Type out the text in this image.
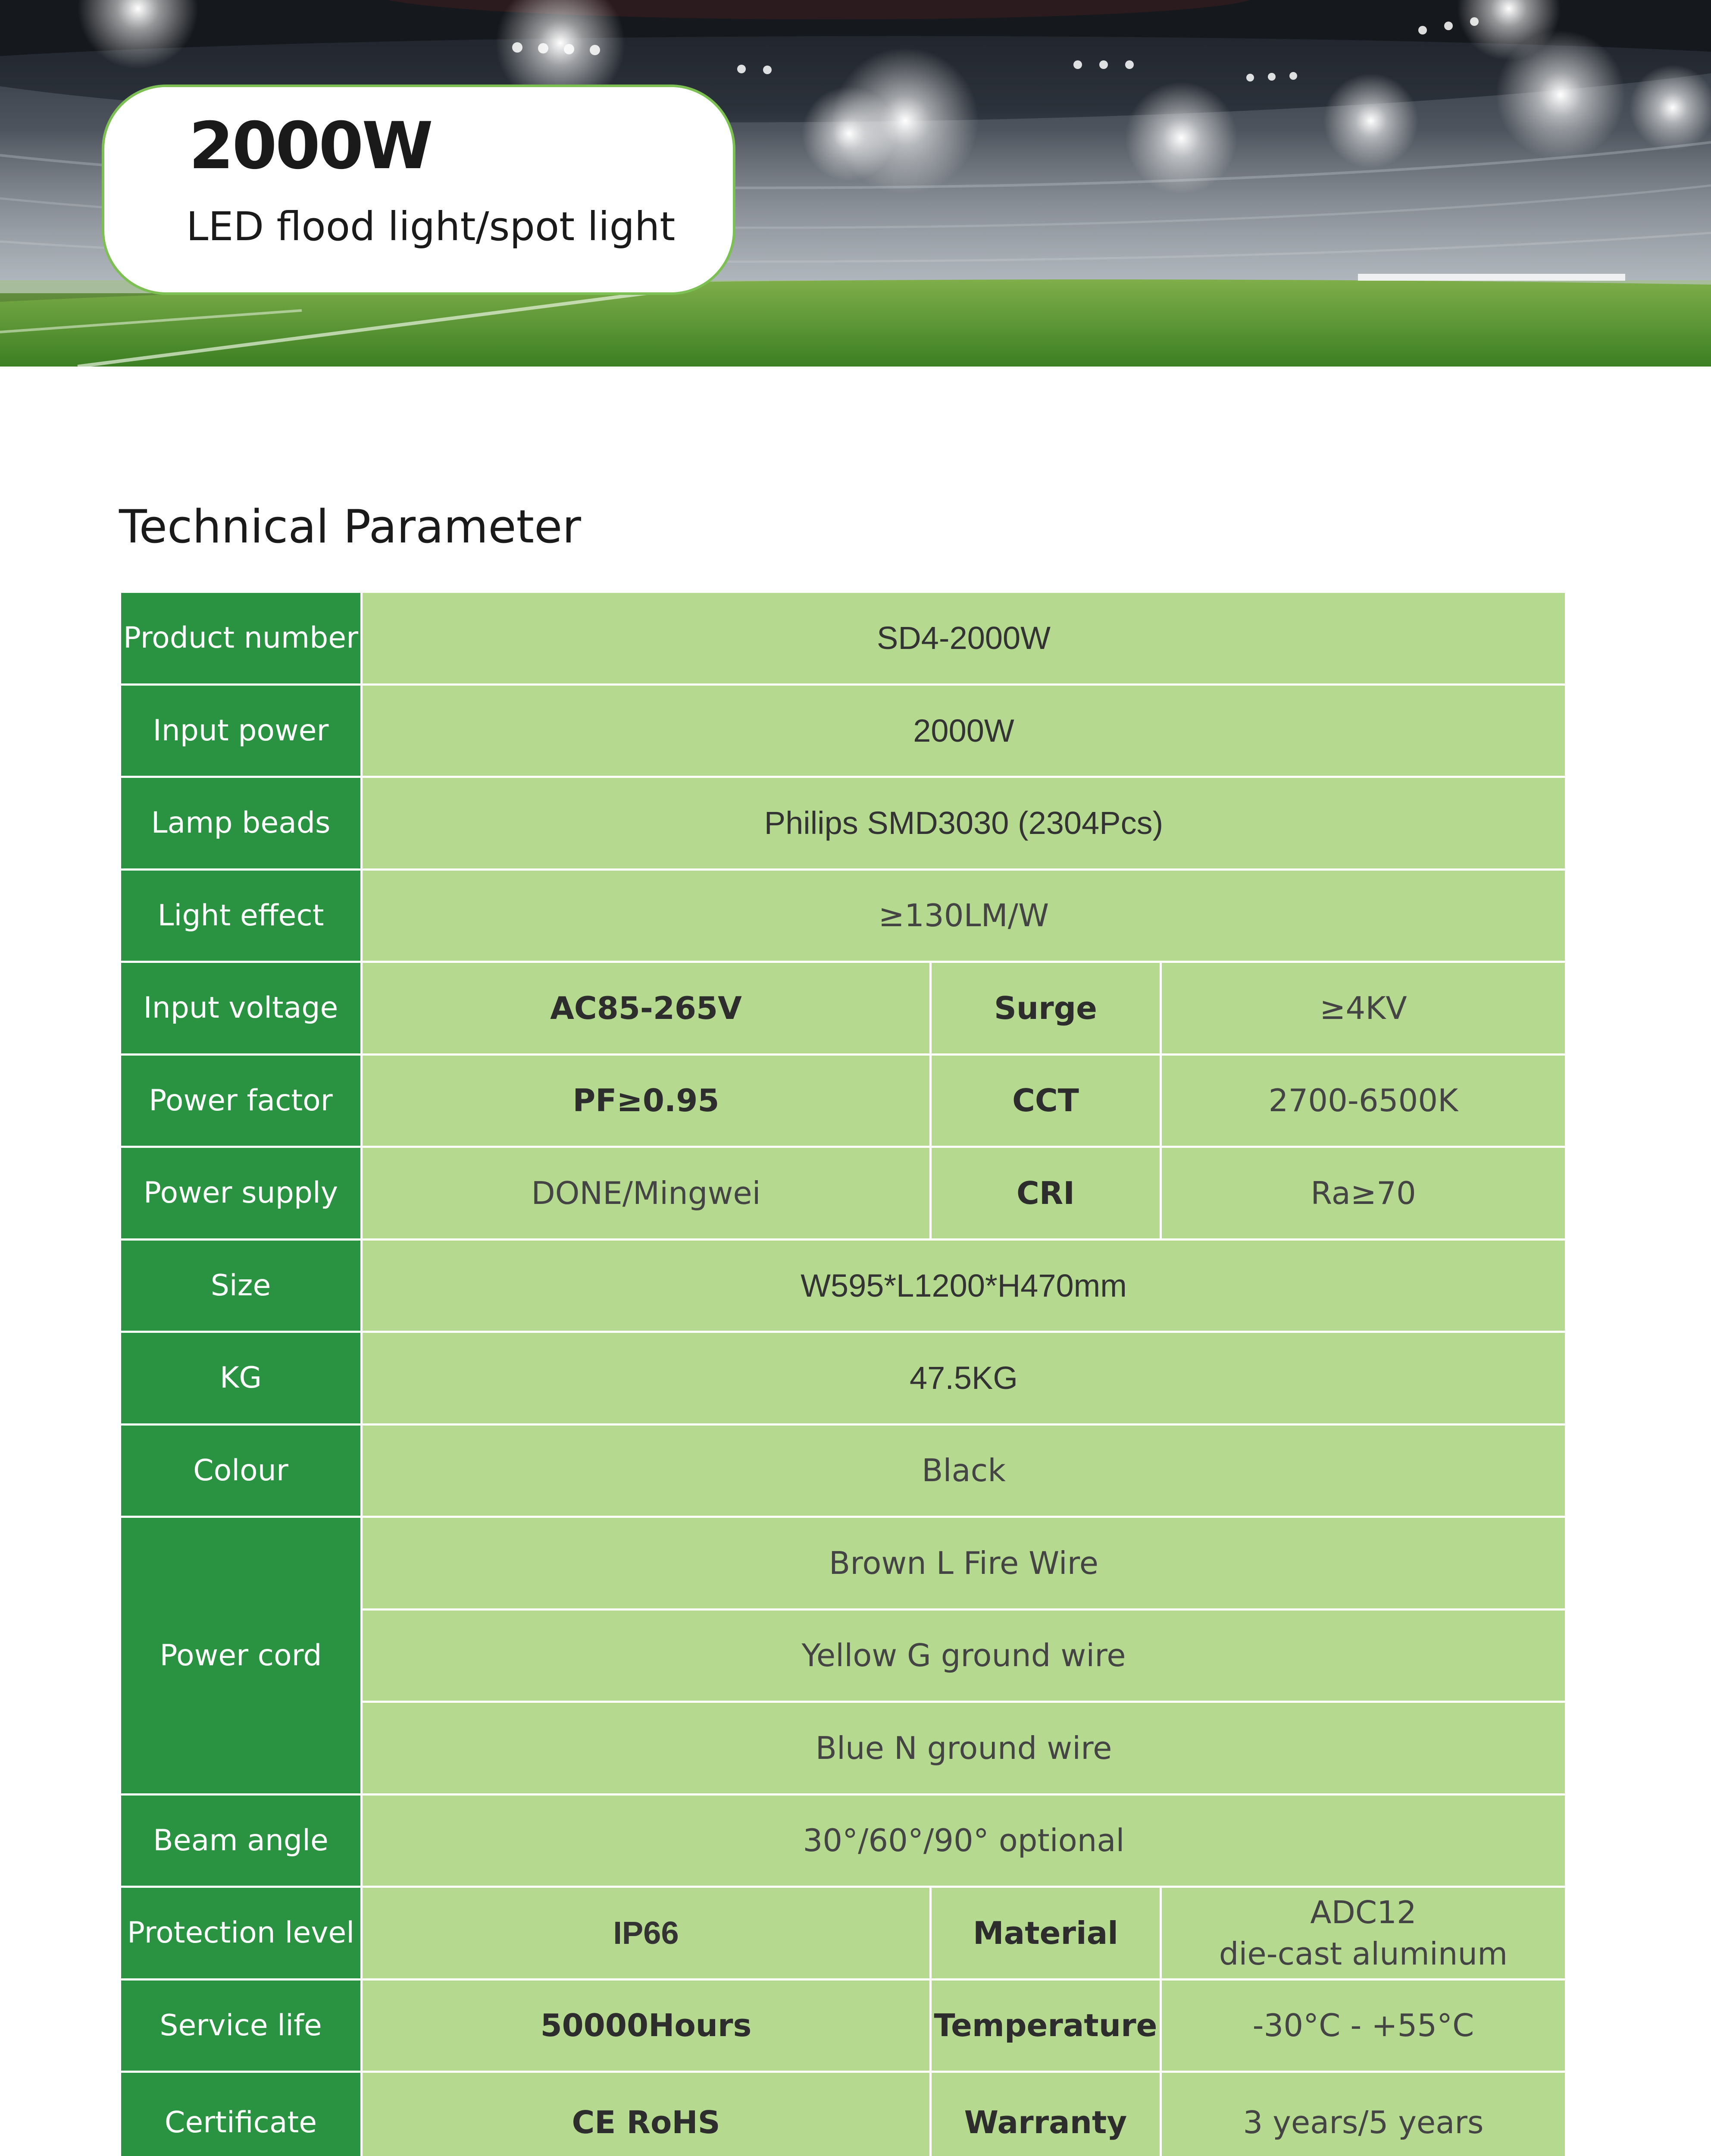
2000W
LED flood light/spot light
Technical Parameter
Product number	SD4-2000W		
Input power	2000W		
Lamp beads	Philips SMD3030 (2304Pcs)		
Light effect	≥130LM/W		
Input voltage	AC85-265V	Surge	≥4KV
Power factor	PF≥0.95	CCT	2700-6500K
Power supply	DONE/Mingwei	CRI	Ra≥70
Size	W595*L1200*H470mm		
KG	47.5KG		
Colour	Black		
Power cord	Brown L Fire Wire		
	Yellow G ground wire		
	Blue N ground wire		
Beam angle	30°/60°/90° optional		
Protection level	IP66	Material	ADC12
die-cast aluminum

Service life	50000Hours	Temperature	-30°C - +55°C
Certificate	CE RoHS	Warranty	3 years/5 years
